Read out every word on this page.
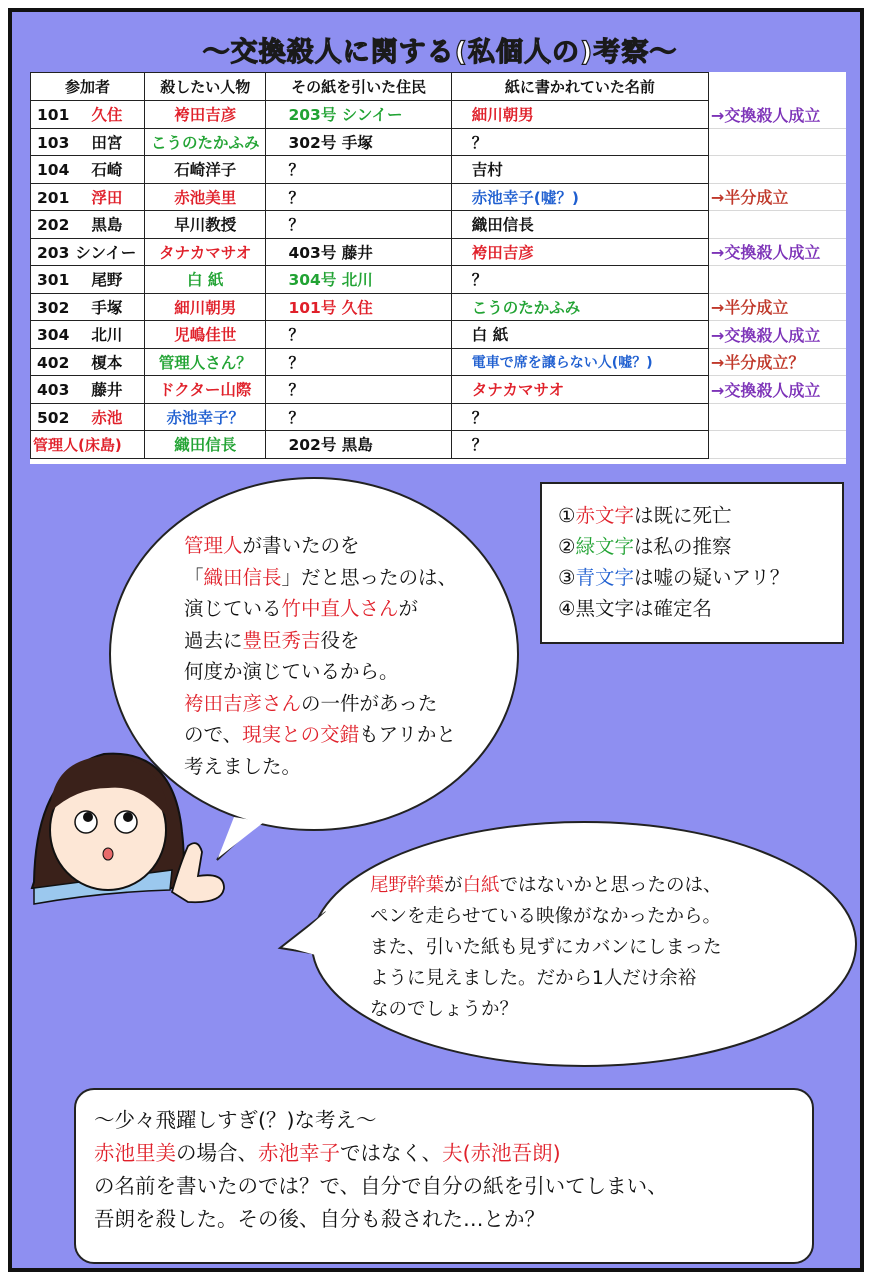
～交換殺人に関する(私個人の)考察～
参加者	殺したい人物	その紙を引いた住民	紙に書かれていた名前	
101 久住	袴田吉彦	203号 シンイー	細川朝男	→交換殺人成立
103 田宮	こうのたかふみ	302号 手塚	？	
104 石崎	石崎洋子	？	吉村	
201 浮田	赤池美里	？	赤池幸子(嘘？)	→半分成立
202 黒島	早川教授	？	織田信長	
203 シンイー	タナカマサオ	403号 藤井	袴田吉彦	→交換殺人成立
301 尾野	白 紙	304号 北川	？	
302 手塚	細川朝男	101号 久住	こうのたかふみ	→半分成立
304 北川	児嶋佳世	？	白 紙	→交換殺人成立
402 榎本	管理人さん？	？	電車で席を譲らない人(嘘？)	→半分成立？
403 藤井	ドクター山際	？	タナカマサオ	→交換殺人成立
502 赤池	赤池幸子？	？	？	
管理人(床島)	織田信長	202号 黒島	？	
①赤文字は既に死亡
②緑文字は私の推察
③青文字は嘘の疑いアリ？
④黒文字は確定名
管理人が書いたのを
「織田信長」だと思ったのは、
演じている竹中直人さんが
過去に豊臣秀吉役を
何度か演じているから。
袴田吉彦さんの一件があった
ので、現実との交錯もアリかと
考えました。
尾野幹葉が白紙ではないかと思ったのは、
ペンを走らせている映像がなかったから。
また、引いた紙も見ずにカバンにしまった
ように見えました。だから1人だけ余裕
なのでしょうか？
～少々飛躍しすぎ(？)な考え～
赤池里美の場合、赤池幸子ではなく、夫(赤池吾朗)
の名前を書いたのでは？で、自分で自分の紙を引いてしまい、
吾朗を殺した。その後、自分も殺された…とか？
